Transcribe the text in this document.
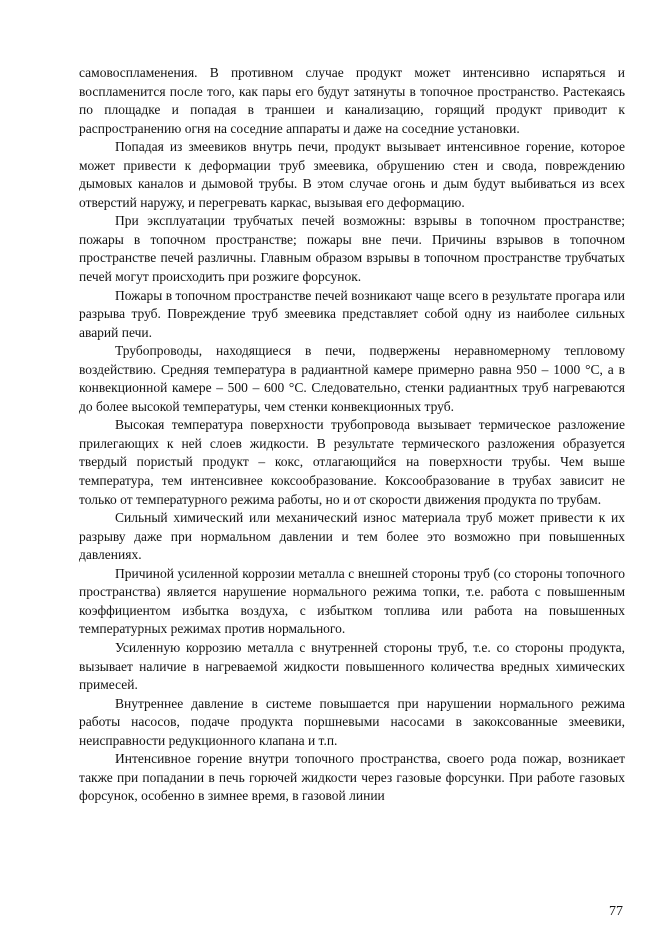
самовоспламенения. В противном случае продукт может интенсивно испаряться и воспламенится после того, как пары его будут затянуты в топочное пространство. Растекаясь по площадке и попадая в траншеи и канализацию, горящий продукт приводит к распространению огня на соседние аппараты и даже на соседние установки.

Попадая из змеевиков внутрь печи, продукт вызывает интенсивное горение, которое может привести к деформации труб змеевика, обрушению стен и свода, повреждению дымовых каналов и дымовой трубы. В этом случае огонь и дым будут выбиваться из всех отверстий наружу, и перегревать каркас, вызывая его деформацию.

При эксплуатации трубчатых печей возможны: взрывы в топочном пространстве; пожары в топочном пространстве; пожары вне печи. Причины взрывов в топочном пространстве печей различны. Главным образом взрывы в топочном пространстве трубчатых печей могут происходить при розжиге форсунок.

Пожары в топочном пространстве печей возникают чаще всего в результате прогара или разрыва труб. Повреждение труб змеевика представляет собой одну из наиболее сильных аварий печи.

Трубопроводы, находящиеся в печи, подвержены неравномерному тепловому воздействию. Средняя температура в радиантной камере примерно равна 950 – 1000 °С, а в конвекционной камере – 500 – 600 °С. Следовательно, стенки радиантных труб нагреваются до более высокой температуры, чем стенки конвекционных труб.

Высокая температура поверхности трубопровода вызывает термическое разложение прилегающих к ней слоев жидкости. В результате термического разложения образуется твердый пористый продукт – кокс, отлагающийся на поверхности трубы. Чем выше температура, тем интенсивнее коксообразование. Коксообразование в трубах зависит не только от температурного режима работы, но и от скорости движения продукта по трубам.

Сильный химический или механический износ материала труб может привести к их разрыву даже при нормальном давлении и тем более это возможно при повышенных давлениях.

Причиной усиленной коррозии металла с внешней стороны труб (со стороны топочного пространства) является нарушение нормального режима топки, т.е. работа с повышенным коэффициентом избытка воздуха, с избытком топлива или работа на повышенных температурных режимах против нормального.

Усиленную коррозию металла с внутренней стороны труб, т.е. со стороны продукта, вызывает наличие в нагреваемой жидкости повышенного количества вредных химических примесей.

Внутреннее давление в системе повышается при нарушении нормального режима работы насосов, подаче продукта поршневыми насосами в закоксованные змеевики, неисправности редукционного клапана и т.п.

Интенсивное горение внутри топочного пространства, своего рода пожар, возникает также при попадании в печь горючей жидкости через газовые форсунки. При работе газовых форсунок, особенно в зимнее время, в газовой линии

77
